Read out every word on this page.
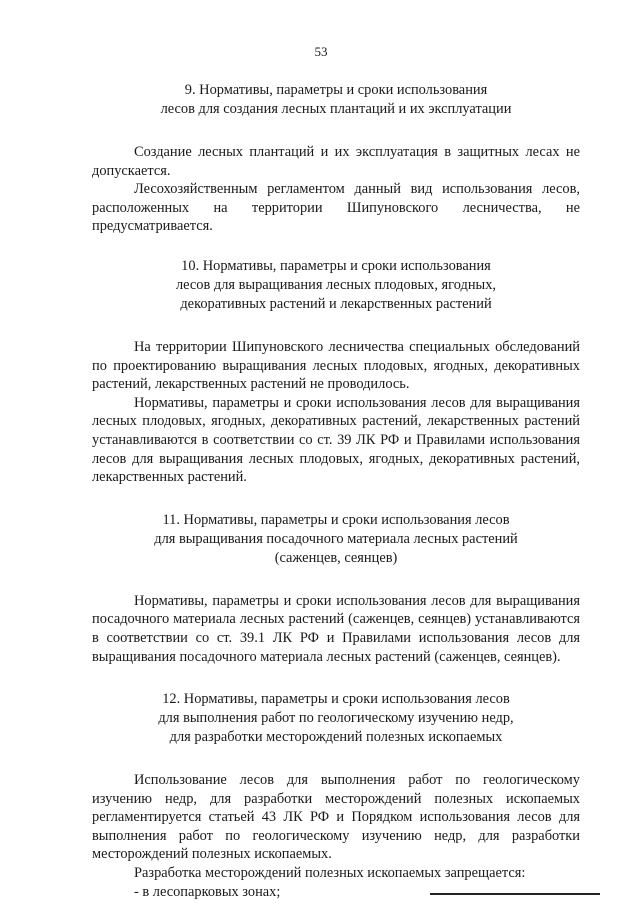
53
9. Нормативы, параметры и сроки использования
лесов для создания лесных плантаций и их эксплуатации

Создание лесных плантаций и их эксплуатация в защитных лесах не допускается.

Лесохозяйственным регламентом данный вид использования лесов, расположенных на территории Шипуновского лесничества, не предусматривается.

10. Нормативы, параметры и сроки использования
лесов для выращивания лесных плодовых, ягодных,
декоративных растений и лекарственных растений

На территории Шипуновского лесничества специальных обследований по проектированию выращивания лесных плодовых, ягодных, декоративных растений, лекарственных растений не проводилось.

Нормативы, параметры и сроки использования лесов для выращивания лесных плодовых, ягодных, декоративных растений, лекарственных растений устанавливаются в соответствии со ст. 39 ЛК РФ и Правилами использования лесов для выращивания лесных плодовых, ягодных, декоративных растений, лекарственных растений.

11. Нормативы, параметры и сроки использования лесов
для выращивания посадочного материала лесных растений
(саженцев, сеянцев)

Нормативы, параметры и сроки использования лесов для выращивания посадочного материала лесных растений (саженцев, сеянцев) устанавливаются в соответствии со ст. 39.1 ЛК РФ и Правилами использования лесов для выращивания посадочного материала лесных растений (саженцев, сеянцев).

12. Нормативы, параметры и сроки использования лесов
для выполнения работ по геологическому изучению недр,
для разработки месторождений полезных ископаемых

Использование лесов для выполнения работ по геологическому изучению недр, для разработки месторождений полезных ископаемых регламентируется статьей 43 ЛК РФ и Порядком использования лесов для выполнения работ по геологическому изучению недр, для разработки месторождений полезных ископаемых.

Разработка месторождений полезных ископаемых запрещается:

- в лесопарковых зонах;
